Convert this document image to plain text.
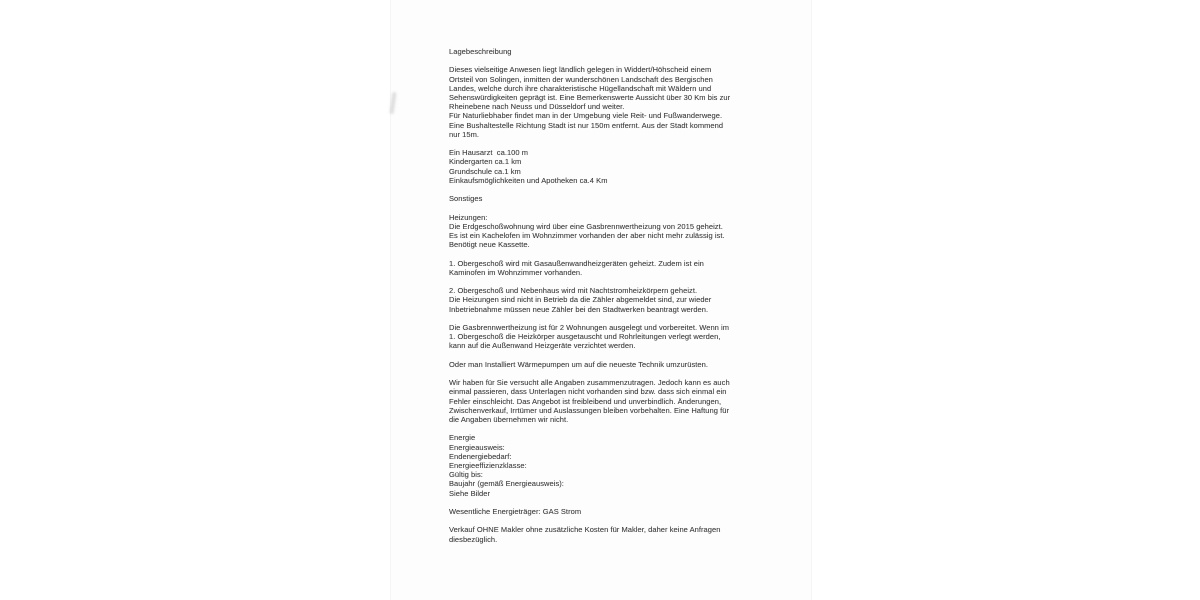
Lagebeschreibung
Dieses vielseitige Anwesen liegt ländlich gelegen in Widdert/Höhscheid einem
Ortsteil von Solingen, inmitten der wunderschönen Landschaft des Bergischen
Landes, welche durch ihre charakteristische Hügellandschaft mit Wäldern und
Sehenswürdigkeiten geprägt ist. Eine Bemerkenswerte Aussicht über 30 Km bis zur
Rheinebene nach Neuss und Düsseldorf und weiter.
Für Naturliebhaber findet man in der Umgebung viele Reit- und Fußwanderwege.
Eine Bushaltestelle Richtung Stadt ist nur 150m entfernt. Aus der Stadt kommend
nur 15m.
Ein Hausarzt  ca.100 m
Kindergarten ca.1 km
Grundschule ca.1 km
Einkaufsmöglichkeiten und Apotheken ca.4 Km
Sonstiges
Heizungen:
Die Erdgeschoßwohnung wird über eine Gasbrennwertheizung von 2015 geheizt.
Es ist ein Kachelofen im Wohnzimmer vorhanden der aber nicht mehr zulässig ist.
Benötigt neue Kassette.
1. Obergeschoß wird mit Gasaußenwandheizgeräten geheizt. Zudem ist ein
Kaminofen im Wohnzimmer vorhanden.
2. Obergeschoß und Nebenhaus wird mit Nachtstromheizkörpern geheizt.
Die Heizungen sind nicht in Betrieb da die Zähler abgemeldet sind, zur wieder
Inbetriebnahme müssen neue Zähler bei den Stadtwerken beantragt werden.
Die Gasbrennwertheizung ist für 2 Wohnungen ausgelegt und vorbereitet. Wenn im
1. Obergeschoß die Heizkörper ausgetauscht und Rohrleitungen verlegt werden,
kann auf die Außenwand Heizgeräte verzichtet werden.
Oder man Installiert Wärmepumpen um auf die neueste Technik umzurüsten.
Wir haben für Sie versucht alle Angaben zusammenzutragen. Jedoch kann es auch
einmal passieren, dass Unterlagen nicht vorhanden sind bzw. dass sich einmal ein
Fehler einschleicht. Das Angebot ist freibleibend und unverbindlich. Änderungen,
Zwischenverkauf, Irrtümer und Auslassungen bleiben vorbehalten. Eine Haftung für
die Angaben übernehmen wir nicht.
Energie
Energieausweis:
Endenergiebedarf:
Energieeffizienzklasse:
Gültig bis:
Baujahr (gemäß Energieausweis):
Siehe Bilder
Wesentliche Energieträger: GAS Strom
Verkauf OHNE Makler ohne zusätzliche Kosten für Makler, daher keine Anfragen
diesbezüglich.
